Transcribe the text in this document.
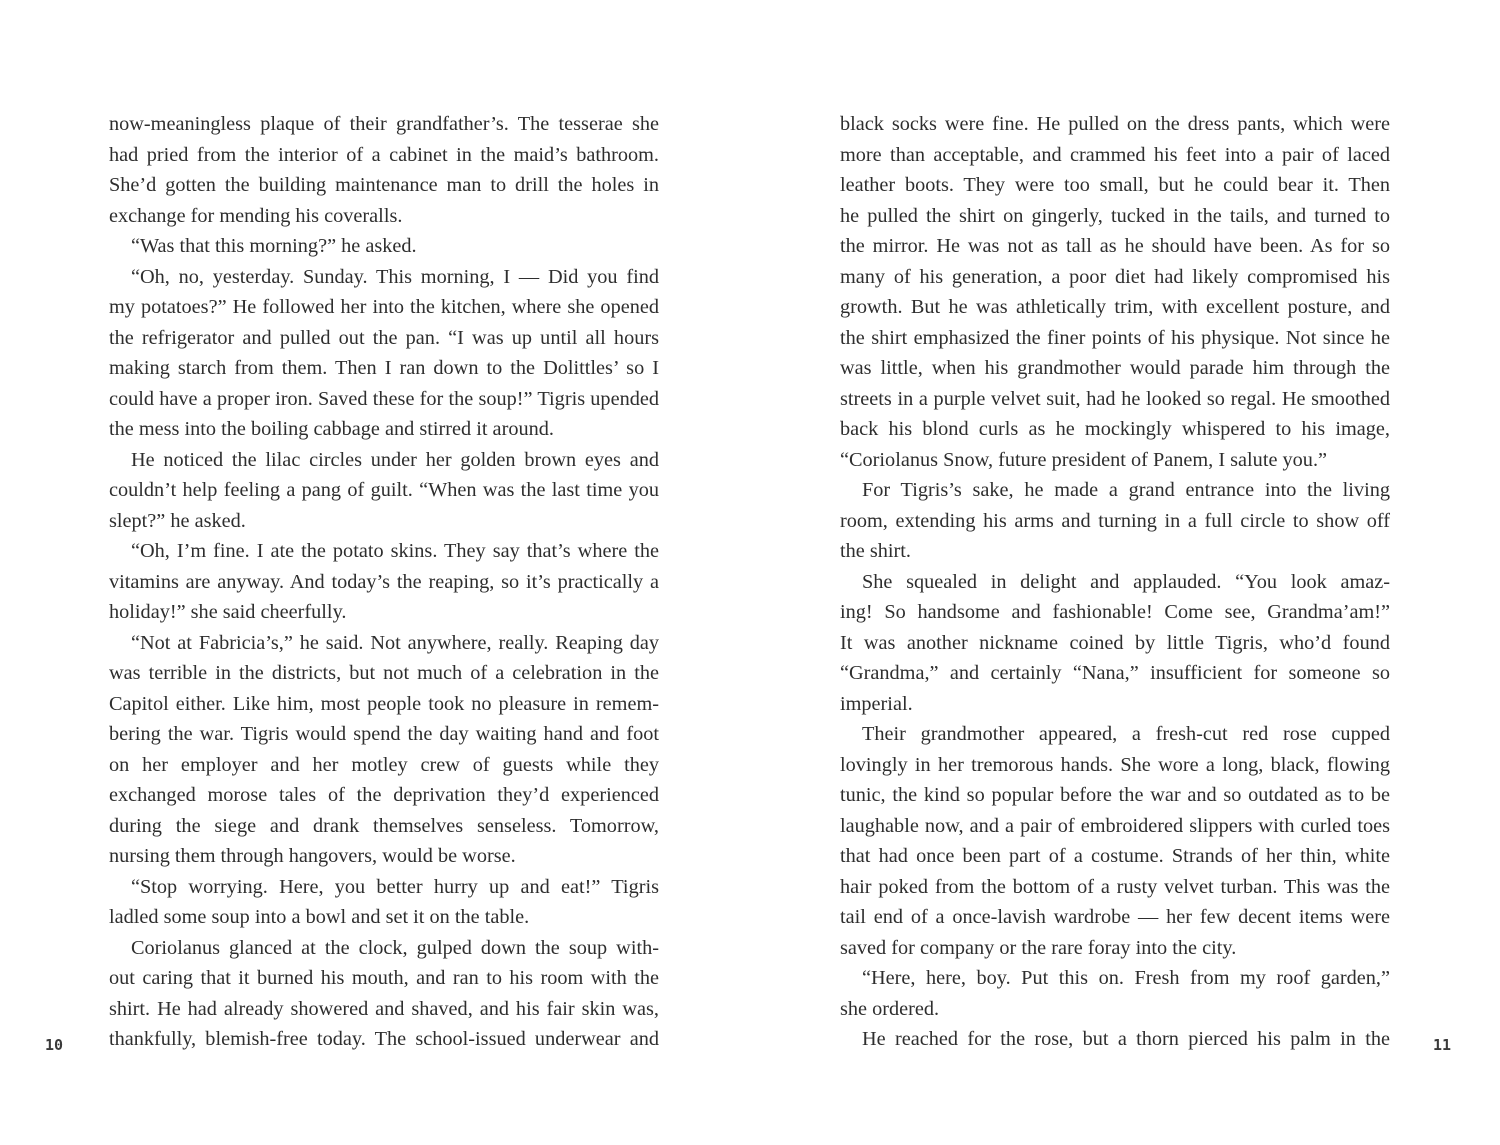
now-meaningless plaque of their grandfather’s. The tesserae she
had pried from the interior of a cabinet in the maid’s bathroom.
She’d gotten the building maintenance man to drill the holes in
exchange for mending his coveralls.
“Was that this morning?” he asked.
“Oh, no, yesterday. Sunday. This morning, I — Did you find
my potatoes?” He followed her into the kitchen, where she opened
the refrigerator and pulled out the pan. “I was up until all hours
making starch from them. Then I ran down to the Dolittles’ so I
could have a proper iron. Saved these for the soup!” Tigris upended
the mess into the boiling cabbage and stirred it around.
He noticed the lilac circles under her golden brown eyes and
couldn’t help feeling a pang of guilt. “When was the last time you
slept?” he asked.
“Oh, I’m fine. I ate the potato skins. They say that’s where the
vitamins are anyway. And today’s the reaping, so it’s practically a
holiday!” she said cheerfully.
“Not at Fabricia’s,” he said. Not anywhere, really. Reaping day
was terrible in the districts, but not much of a celebration in the
Capitol either. Like him, most people took no pleasure in remem-
bering the war. Tigris would spend the day waiting hand and foot
on her employer and her motley crew of guests while they
exchanged morose tales of the deprivation they’d experienced
during the siege and drank themselves senseless. Tomorrow,
nursing them through hangovers, would be worse.
“Stop worrying. Here, you better hurry up and eat!” Tigris
ladled some soup into a bowl and set it on the table.
Coriolanus glanced at the clock, gulped down the soup with-
out caring that it burned his mouth, and ran to his room with the
shirt. He had already showered and shaved, and his fair skin was,
thankfully, blemish-free today. The school-issued underwear and
black socks were fine. He pulled on the dress pants, which were
more than acceptable, and crammed his feet into a pair of laced
leather boots. They were too small, but he could bear it. Then
he pulled the shirt on gingerly, tucked in the tails, and turned to
the mirror. He was not as tall as he should have been. As for so
many of his generation, a poor diet had likely compromised his
growth. But he was athletically trim, with excellent posture, and
the shirt emphasized the finer points of his physique. Not since he
was little, when his grandmother would parade him through the
streets in a purple velvet suit, had he looked so regal. He smoothed
back his blond curls as he mockingly whispered to his image,
“Coriolanus Snow, future president of Panem, I salute you.”
For Tigris’s sake, he made a grand entrance into the living
room, extending his arms and turning in a full circle to show off
the shirt.
She squealed in delight and applauded. “You look amaz-
ing! So handsome and fashionable! Come see, Grandma’am!”
It was another nickname coined by little Tigris, who’d found
“Grandma,” and certainly “Nana,” insufficient for someone so
imperial.
Their grandmother appeared, a fresh-cut red rose cupped
lovingly in her tremorous hands. She wore a long, black, flowing
tunic, the kind so popular before the war and so outdated as to be
laughable now, and a pair of embroidered slippers with curled toes
that had once been part of a costume. Strands of her thin, white
hair poked from the bottom of a rusty velvet turban. This was the
tail end of a once-lavish wardrobe — her few decent items were
saved for company or the rare foray into the city.
“Here, here, boy. Put this on. Fresh from my roof garden,”
she ordered.
He reached for the rose, but a thorn pierced his palm in the
10	11
